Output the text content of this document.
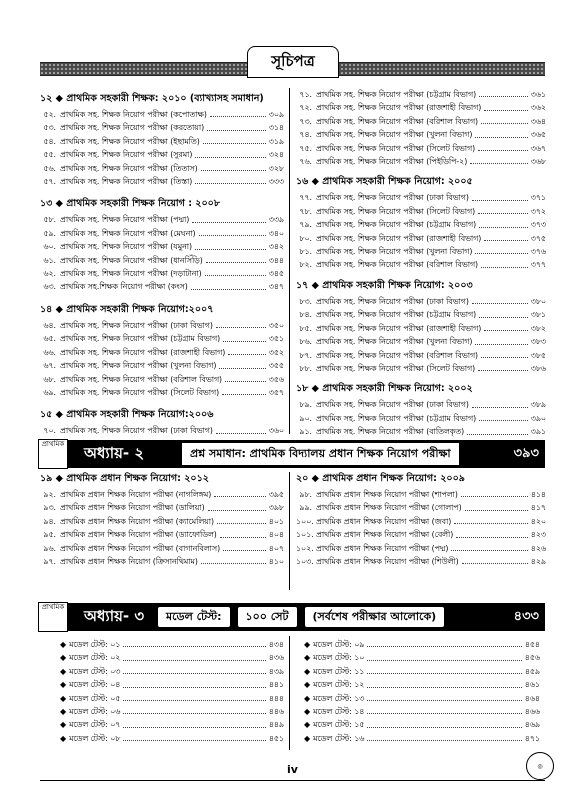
সূচিপত্র
১২ ◆ প্রাথমিক সহকারী শিক্ষক: ২০১০ (ব্যাখ্যাসহ সমাধান)
৫২. প্রাথমিক সহ. শিক্ষক নিয়োগ পরীক্ষা (কপোতাক্ষ)	৩০৯
৫৩. প্রাথমিক সহ. শিক্ষক নিয়োগ পরীক্ষা (করতোয়া)	৩১৪
৫৪. প্রাথমিক সহ. শিক্ষক নিয়োগ পরীক্ষা (ইছামতি)	৩১৯
৫৫. প্রাথমিক সহ. শিক্ষক নিয়োগ পরীক্ষা (সুরমা)	৩২৪
৫৬. প্রাথমিক সহ. শিক্ষক নিয়োগ পরীক্ষা (তিতাস)	৩২৮
৫৭. প্রাথমিক সহ. শিক্ষক নিয়োগ পরীক্ষা (তিস্তা)	৩৩৩
১৩ ◆ প্রাথমিক সহকারী শিক্ষক নিয়োগ : ২০০৮
৫৮. প্রাথমিক সহ. শিক্ষক নিয়োগ পরীক্ষা (পদ্মা)	৩৩৯
৫৯. প্রাথমিক সহ. শিক্ষক নিয়োগ পরীক্ষা (মেঘনা)	৩৪০
৬০. প্রাথমিক সহ. শিক্ষক নিয়োগ পরীক্ষা (যমুনা)	৩৪২
৬১. প্রাথমিক সহ. শিক্ষক নিয়োগ পরীক্ষা (ধানসিঁড়ি)	৩৪৪
৬২. প্রাথমিক সহ. শিক্ষক নিয়োগ পরীক্ষা (দড়াটানা)	৩৪৫
৬৩. প্রাথমিক সহ.শিক্ষক নিয়োগ পরীক্ষা (কংস)	৩৪৭
১৪ ◆ প্রাথমিক সহকারী শিক্ষক নিয়োগ:২০০৭
৬৪. প্রাথমিক সহ. শিক্ষক নিয়োগ পরীক্ষা (ঢাকা বিভাগ)	৩৫০
৬৫. প্রাথমিক সহ. শিক্ষক নিয়োগ পরীক্ষা (চট্টগ্রাম বিভাগ)	৩৫১
৬৬. প্রাথমিক সহ. শিক্ষক নিয়োগ পরীক্ষা (রাজশাহী বিভাগ)	৩৫২
৬৭. প্রাথমিক সহ. শিক্ষক নিয়োগ পরীক্ষা (খুলনা বিভাগ)	৩৫৫
৬৮. প্রাথমিক সহ. শিক্ষক নিয়োগ পরীক্ষা (বরিশাল বিভাগ)	৩৫৬
৬৯. প্রাথমিক সহ. শিক্ষক নিয়োগ পরীক্ষা (সিলেট বিভাগ)	৩৫৭
১৫ ◆ প্রাথমিক সহকারী শিক্ষক নিয়োগ:২০০৬
৭০. প্রাথমিক সহ. শিক্ষক নিয়োগ পরীক্ষা (ঢাকা বিভাগ)	৩৬০
৭১. প্রাথমিক সহ. শিক্ষক নিয়োগ পরীক্ষা (চট্টগ্রাম বিভাগ)	৩৬১
৭২. প্রাথমিক সহ. শিক্ষক নিয়োগ পরীক্ষা (রাজশাহী বিভাগ)	৩৬২
৭৩. প্রাথমিক সহ. শিক্ষক নিয়োগ পরীক্ষা (বরিশাল বিভাগ)	৩৬৪
৭৪. প্রাথমিক সহ. শিক্ষক নিয়োগ পরীক্ষা (খুলনা বিভাগ)	৩৬৫
৭৫. প্রাথমিক সহ. শিক্ষক নিয়োগ পরীক্ষা (সিলেট বিভাগ)	৩৬৭
৭৬. প্রাথমিক সহ. শিক্ষক নিয়োগ পরীক্ষা (পিইডিপি-২)	৩৬৮
১৬ ◆ প্রাথমিক সহকারী শিক্ষক নিয়োগ: ২০০৫
৭৭. প্রাথমিক সহ. শিক্ষক নিয়োগ পরীক্ষা (ঢাকা বিভাগ)	৩৭১
৭৮. প্রাথমিক সহ. শিক্ষক নিয়োগ পরীক্ষা (সিলেট বিভাগ)	৩৭২
৭৯. প্রাথমিক সহ. শিক্ষক নিয়োগ পরীক্ষা (চট্টগ্রাম বিভাগ)	৩৭৩
৮০. প্রাথমিক সহ. শিক্ষক নিয়োগ পরীক্ষা (রাজশাহী বিভাগ)	৩৭৫
৮১. প্রাথমিক সহ. শিক্ষক নিয়োগ পরীক্ষা (খুলনা বিভাগ)	৩৭৬
৮২. প্রাথমিক সহ. শিক্ষক নিয়োগ পরীক্ষা (বরিশাল বিভাগ)	৩৭৭
১৭ ◆ প্রাথমিক সহকারী শিক্ষক নিয়োগ: ২০০৩
৮৩. প্রাথমিক সহ. শিক্ষক নিয়োগ পরীক্ষা (ঢাকা বিভাগ)	৩৮০
৮৪. প্রাথমিক সহ. শিক্ষক নিয়োগ পরীক্ষা (চট্টগ্রাম বিভাগ)	৩৮১
৮৫. প্রাথমিক সহ. শিক্ষক নিয়োগ পরীক্ষা (রাজশাহী বিভাগ)	৩৮২
৮৬. প্রাথমিক সহ. শিক্ষক নিয়োগ পরীক্ষা (খুলনা বিভাগ)	৩৮৩
৮৭. প্রাথমিক সহ. শিক্ষক নিয়োগ পরীক্ষা (বরিশাল বিভাগ)	৩৮৫
৮৮. প্রাথমিক সহ. শিক্ষক নিয়োগ পরীক্ষা (সিলেট বিভাগ)	৩৮৬
১৮ ◆ প্রাথমিক সহকারী শিক্ষক নিয়োগ: ২০০২
৮৯. প্রাথমিক সহ. শিক্ষক নিয়োগ পরীক্ষা (ঢাকা বিভাগ)	৩৮৯
৯০. প্রাথমিক সহ. শিক্ষক নিয়োগ পরীক্ষা (চট্টগ্রাম বিভাগ)	৩৯০
৯১. প্রাথমিক সহ. শিক্ষক নিয়োগ পরীক্ষা (বাতিলকৃত)	৩৯১
প্রাথমিক	অধ্যায়- ২	প্রশ্ন সমাধান: প্রাথমিক বিদ্যালয় প্রধান শিক্ষক নিয়োগ পরীক্ষা	৩৯৩
১৯ ◆ প্রাথমিক প্রধান শিক্ষক নিয়োগ: ২০১২
৯২. প্রাথমিক প্রধান শিক্ষক নিয়োগ পরীক্ষা (নাগলিঙ্গম)	৩৯৫
৯৩. প্রাথমিক প্রধান শিক্ষক নিয়োগ পরীক্ষা (ডালিয়া)	৩৯৮
৯৪. প্রাথমিক প্রধান শিক্ষক নিয়োগ পরীক্ষা (ক্যামেলিয়া)	৪০১
৯৫. প্রাথমিক প্রধান শিক্ষক নিয়োগ পরীক্ষা (ড্যাফোডিল)	৪০৪
৯৬. প্রাথমিক প্রধান শিক্ষক নিয়োগ পরীক্ষা (বাগানবিলাস)	৪০৭
৯৭. প্রাথমিক প্রধান শিক্ষক নিয়োগ (ক্রিসানথিমাম)	৪১০
২০ ◆ প্রাথমিক প্রধান শিক্ষক নিয়োগ: ২০০৯
৯৮. প্রাথমিক প্রধান শিক্ষক নিয়োগ পরীক্ষা (শাপলা)	৪১৪
৯৯. প্রাথমিক প্রধান শিক্ষক নিয়োগ পরীক্ষা (গোলাপ)	৪১৭
১০০. প্রাথমিক প্রধান শিক্ষক নিয়োগ পরীক্ষা (জবা)	৪২০
১০১. প্রাথমিক প্রধান শিক্ষক নিয়োগ পরীক্ষা (বেলী)	৪২৩
১০২. প্রাথমিক প্রধান শিক্ষক নিয়োগ পরীক্ষা (পদ্ম)	৪২৬
১০৩. প্রাথমিক প্রধান শিক্ষক নিয়োগ পরীক্ষা (শিউলী)	৪২৯
প্রাথমিক	অধ্যায়- ৩	মডেল টেস্ট:	১০০ সেট	(সর্বশেষ পরীক্ষার আলোকে)	৪৩৩
◆ মডেল টেস্ট: ০১	৪৩৪
◆ মডেল টেস্ট: ০২	৪৩৬
◆ মডেল টেস্ট: ০৩	৪৩৯
◆ মডেল টেস্ট: ০৪	৪৪১
◆ মডেল টেস্ট: ০৫	৪৪৪
◆ মডেল টেস্ট: ০৬	৪৪৬
◆ মডেল টেস্ট: ০৭	৪৪৯
◆ মডেল টেস্ট: ০৮	৪৫১
◆ মডেল টেস্ট: ০৯	৪৫৪
◆ মডেল টেস্ট: ১০	৪৫৬
◆ মডেল টেস্ট: ১১	৪৫৯
◆ মডেল টেস্ট: ১২	৪৬১
◆ মডেল টেস্ট: ১৩	৪৬৪
◆ মডেল টেস্ট: ১৪	৪৬৬
◆ মডেল টেস্ট: ১৫	৪৬৯
◆ মডেল টেস্ট: ১৬	৪৭১
◎
iv
